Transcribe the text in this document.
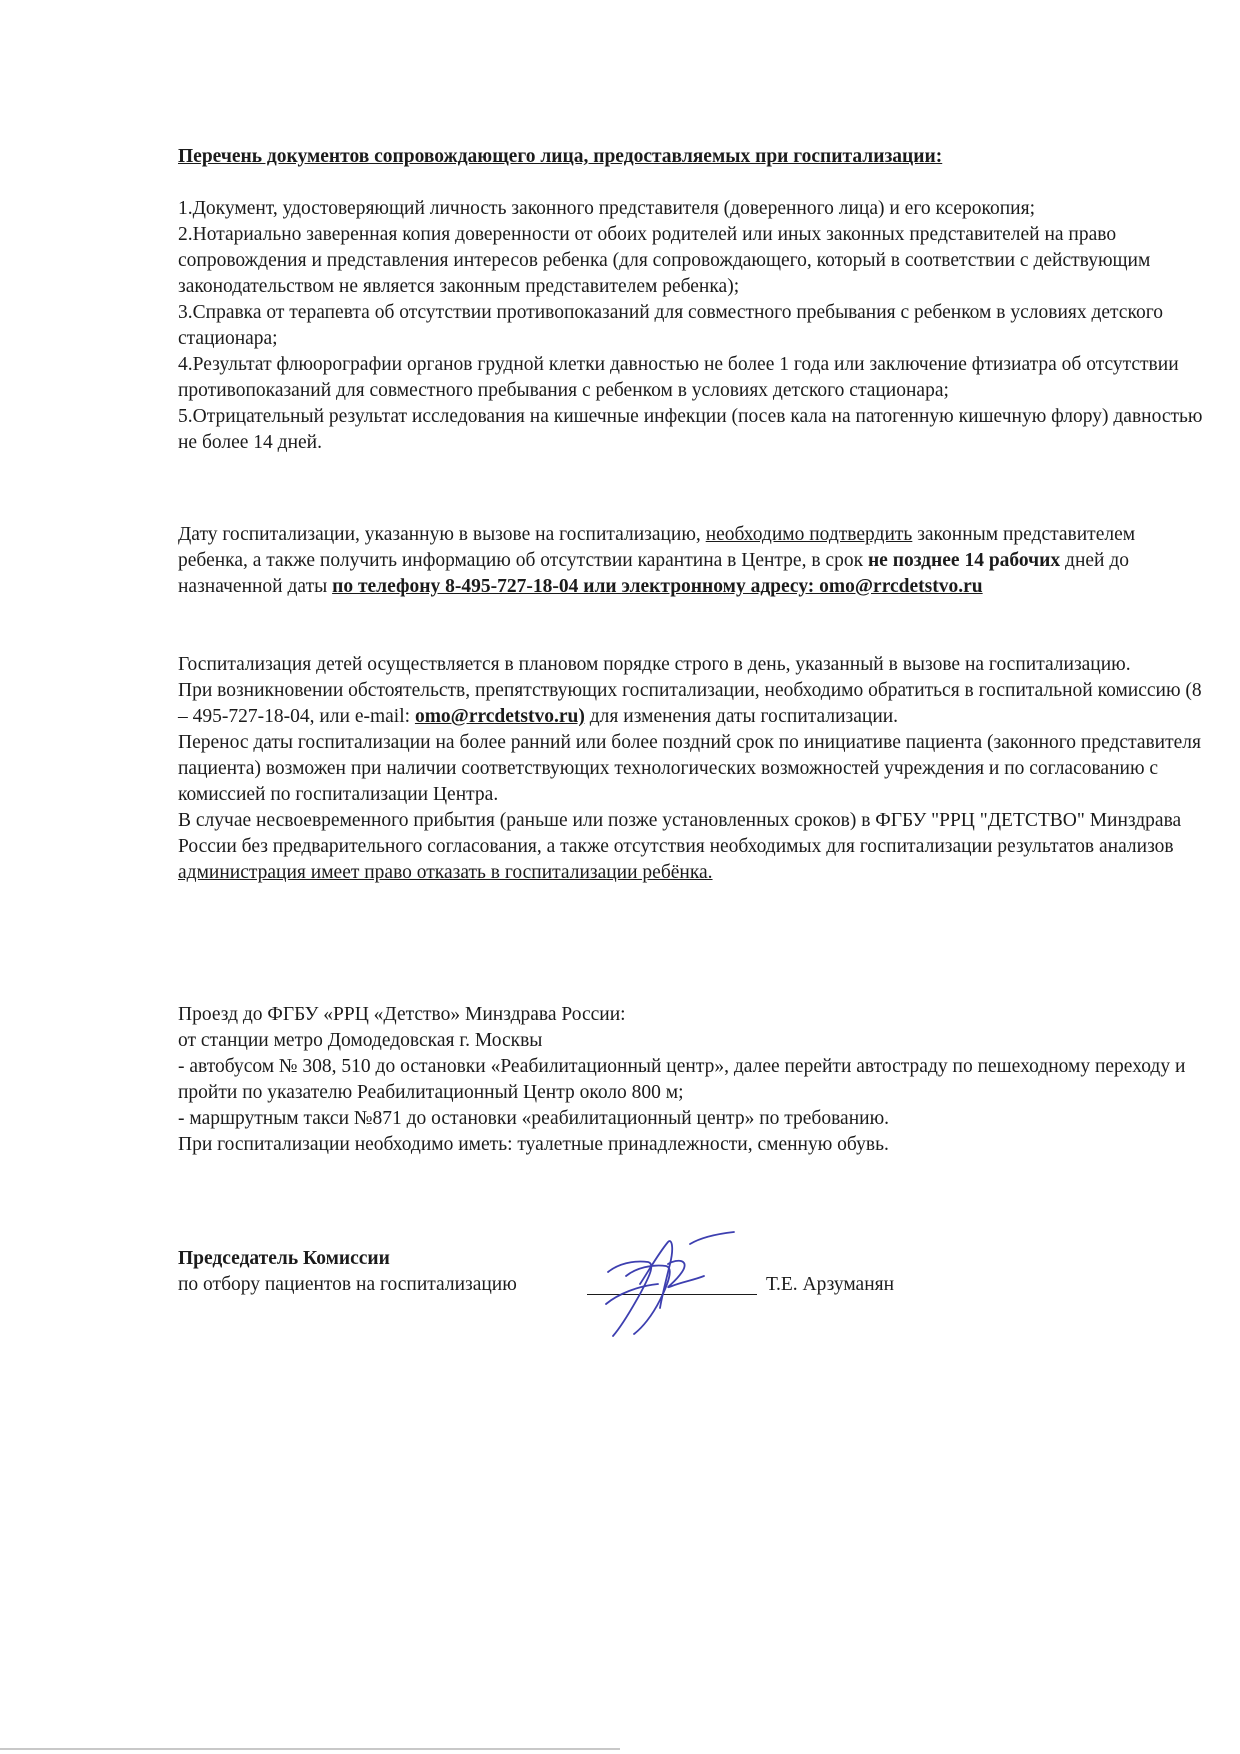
Перечень документов сопровождающего лица, предоставляемых при госпитализации:

1.Документ, удостоверяющий личность законного представителя (доверенного лица) и его ксерокопия;

2.Нотариально заверенная копия доверенности от обоих родителей или иных законных представителей на право сопровождения и представления интересов ребенка (для сопровождающего, который в соответствии с действующим законодательством не является законным представителем ребенка);

3.Справка от терапевта об отсутствии противопоказаний для совместного пребывания с ребенком в условиях детского стационара;

4.Результат флюорографии органов грудной клетки давностью не более 1 года или заключение фтизиатра об отсутствии противопоказаний для совместного пребывания с ребенком в условиях детского стационара;

5.Отрицательный результат исследования на кишечные инфекции (посев кала на патогенную кишечную флору) давностью не более 14 дней.

Дату госпитализации, указанную в вызове на госпитализацию, необходимо подтвердить законным представителем ребенка, а также получить информацию об отсутствии карантина в Центре, в срок не позднее 14 рабочих дней до назначенной даты по телефону 8-495-727-18-04 или электронному адресу: omo@rrcdetstvo.ru

Госпитализация детей осуществляется в плановом порядке строго в день, указанный в вызове на госпитализацию.

При возникновении обстоятельств, препятствующих госпитализации, необходимо обратиться в госпитальной комиссию (8 – 495-727-18-04, или e-mail: omo@rrcdetstvo.ru) для изменения даты госпитализации.

Перенос даты госпитализации на более ранний или более поздний срок по инициативе пациента (законного представителя пациента) возможен при наличии соответствующих технологических возможностей учреждения и по согласованию с комиссией по госпитализации Центра.

В случае несвоевременного прибытия (раньше или позже установленных сроков) в ФГБУ "РРЦ "ДЕТСТВО" Минздрава России без предварительного согласования, а также отсутствия необходимых для госпитализации результатов анализов администрация имеет право отказать в госпитализации ребёнка.

Проезд до ФГБУ «РРЦ «Детство» Минздрава России:

от станции метро Домодедовская г. Москвы

- автобусом № 308, 510 до остановки «Реабилитационный центр», далее перейти автостраду по пешеходному переходу и пройти по указателю Реабилитационный Центр около 800 м;

- маршрутным такси №871 до остановки «реабилитационный центр» по требованию.

При госпитализации необходимо иметь: туалетные принадлежности, сменную обувь.

Председатель Комиссии
по отбору пациентов на госпитализацию	Т.Е. Арзуманян
